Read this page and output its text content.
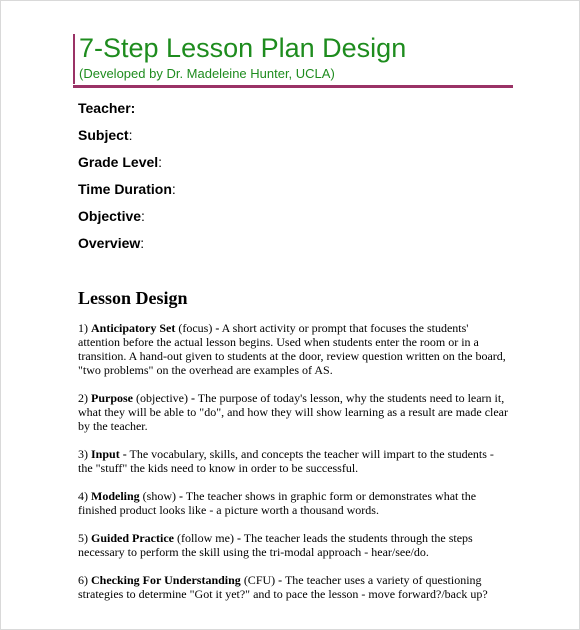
7-Step Lesson Plan Design
(Developed by Dr. Madeleine Hunter, UCLA)
Teacher:
Subject:
Grade Level:
Time Duration:
Objective:
Overview:
Lesson Design

1) Anticipatory Set (focus) - A short activity or prompt that focuses the students' attention before the actual lesson begins. Used when students enter the room or in a transition. A hand-out given to students at the door, review question written on the board, "two problems" on the overhead are examples of AS.

2) Purpose (objective) - The purpose of today's lesson, why the students need to learn it, what they will be able to "do", and how they will show learning as a result are made clear by the teacher.

3) Input - The vocabulary, skills, and concepts the teacher will impart to the students - the "stuff" the kids need to know in order to be successful.

4) Modeling (show) - The teacher shows in graphic form or demonstrates what the finished product looks like - a picture worth a thousand words.

5) Guided Practice (follow me) - The teacher leads the students through the steps necessary to perform the skill using the tri-modal approach - hear/see/do.

6) Checking For Understanding (CFU) - The teacher uses a variety of questioning strategies to determine "Got it yet?" and to pace the lesson - move forward?/back up?
